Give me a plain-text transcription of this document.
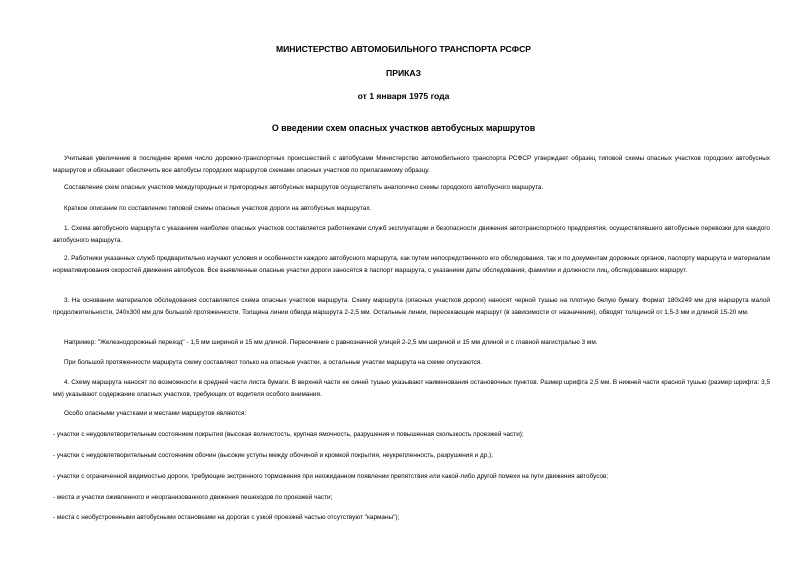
МИНИСТЕРСТВО АВТОМОБИЛЬНОГО ТРАНСПОРТА РСФСР
ПРИКАЗ
от 1 января 1975 года
О введении схем опасных участков автобусных маршрутов

Учитывая увеличение в последнее время число дорожно-транспортных происшествий с автобусами Министерство автомобильного транспорта РСФСР утверждает образец типовой схемы опасных участков городских автобусных маршрутов и обязывает обеспечить все автобусы городских маршрутов схемами опасных участков по прилагаемому образцу.

Составление схем опасных участков междугородных и пригородных автобусных маршрутов осуществлять аналогично схемы городского автобусного маршрута.

Краткое описание по составлению типовой схемы опасных участков дороги на автобусных маршрутах.

1. Схема автобусного маршрута с указанием наиболее опасных участков составляется работниками служб эксплуатации и безопасности движения автотранспортного предприятия, осуществлявшего автобусные перевозки для каждого автобусного маршрута.

2. Работники указанных служб предварительно изучают условия и особенности каждого автобусного маршрута, как путем непосредственного его обследования, так и по документам дорожных органов, паспорту маршрута и материалам нормативирования скоростей движения автобусов. Все выявленные опасные участки дороги заносятся в паспорт маршрута, с указанием даты обследования, фамилии и должности лиц, обследовавших маршрут.

3. На основании материалов обследования составляется схема опасных участков маршрута. Схему маршрута (опасных участков дороги) наносят черной тушью на плотную белую бумагу. Формат 180х249 мм для маршрута малой продолжительности, 240х300 мм для большой протяженности. Толщина линии обвода маршрута 2-2,5 мм. Остальные линии, пересекающие маршрут (в зависимости от назначения), обводят толщиной от 1,5-3 мм и длиной 15-20 мм.

Например: "Железнодорожный переезд" - 1,5 мм шириной и 15 мм длиной. Пересечение с равнозначной улицей 2-2,5 мм шириной и 15 мм длиной и с главной магистралью 3 мм.

При большой протяженности маршрута схему составляют только на опасные участки, а остальные участки маршрута на схеме опускаются.

4. Схему маршрута наносят по возможности в средней части листа бумаги. В верхней части ее синей тушью указывают наименования остановочных пунктов. Размер шрифта 2,5 мм. В нижней части красной тушью (размер шрифта: 3,5 мм) указывают содержание опасных участков, требующих от водителя особого внимания.

Особо опасными участками и местами маршрутов являются:

- участки с неудовлетворительным состоянием покрытия (высокая волнистость, крупная ямочность, разрушения и повышенная скользкость проезжей части);

- участки с неудовлетворительным состоянием обочин (высокие уступы между обочиной и кромкой покрытия, неукрепленность, разрушения и др.);

- участки с ограниченной видимостью дороги, требующие экстренного торможения при неожиданном появлении препятствия или какой-либо другой помехи на пути движения автобусов;

- места и участки оживленного и неорганизованного движения пешеходов по проезжей части;

- места с необустроенными автобусными остановками на дорогах с узкой проезжей частью отсутствуют "карманы");
